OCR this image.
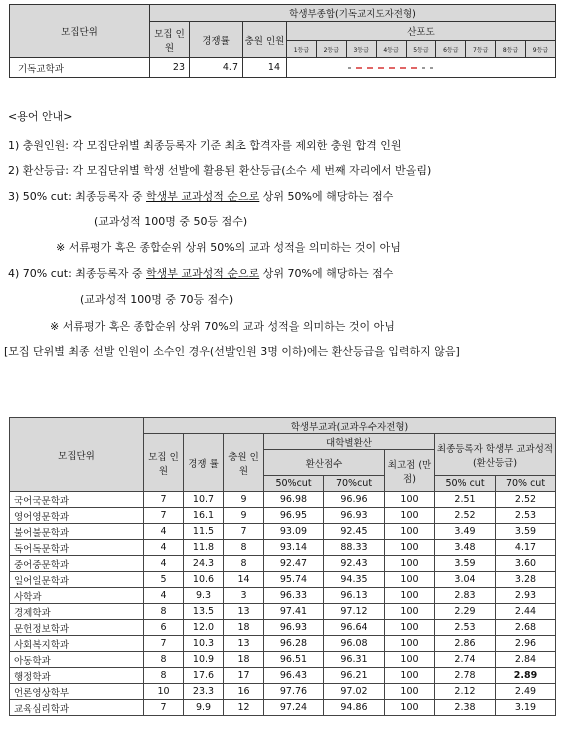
모집단위	학생부종합(기독교지도자전형)											
	모집 인원	경쟁률	충원 인원	산포도								
				1등급	2등급	3등급	4등급	5등급	6등급	7등급	8등급	9등급
기독교학과	23	4.7	14									
<용어 안내>
1) 충원인원: 각 모집단위별 최종등록자 기준 최초 합격자를 제외한 충원 합격 인원
2) 환산등급: 각 모집단위별 학생 선발에 활용된 환산등급(소수 세 번째 자리에서 반올림)
3) 50% cut: 최종등록자 중 학생부 교과성적 순으로 상위 50%에 해당하는 점수
(교과성적 100명 중 50등 점수)
※ 서류평가 혹은 종합순위 상위 50%의 교과 성적을 의미하는 것이 아님
4) 70% cut: 최종등록자 중 학생부 교과성적 순으로 상위 70%에 해당하는 점수
(교과성적 100명 중 70등 점수)
※ 서류평가 혹은 종합순위 상위 70%의 교과 성적을 의미하는 것이 아님
[모집 단위별 최종 선발 인원이 소수인 경우(선발인원 3명 이하)에는 환산등급을 입력하지 않음]
모집단위	학생부교과(교과우수자전형)							
	모집 인원	경쟁 률	충원 인원	대학별환산			최종등록자 학생부 교과성적 (환산등급)	
				환산점수		최고점 (만점)		
				50%cut	70%cut		50% cut	70% cut
국어국문학과	7	10.7	9	96.98	96.96	100	2.51	2.52
영어영문학과	7	16.1	9	96.95	96.93	100	2.52	2.53
불어불문학과	4	11.5	7	93.09	92.45	100	3.49	3.59
독어독문학과	4	11.8	8	93.14	88.33	100	3.48	4.17
중어중문학과	4	24.3	8	92.47	92.43	100	3.59	3.60
일어일문학과	5	10.6	14	95.74	94.35	100	3.04	3.28
사학과	4	9.3	3	96.33	96.13	100	2.83	2.93
경제학과	8	13.5	13	97.41	97.12	100	2.29	2.44
문헌정보학과	6	12.0	18	96.93	96.64	100	2.53	2.68
사회복지학과	7	10.3	13	96.28	96.08	100	2.86	2.96
아동학과	8	10.9	18	96.51	96.31	100	2.74	2.84
행정학과	8	17.6	17	96.43	96.21	100	2.78	2.89
언론영상학부	10	23.3	16	97.76	97.02	100	2.12	2.49
교육심리학과	7	9.9	12	97.24	94.86	100	2.38	3.19
